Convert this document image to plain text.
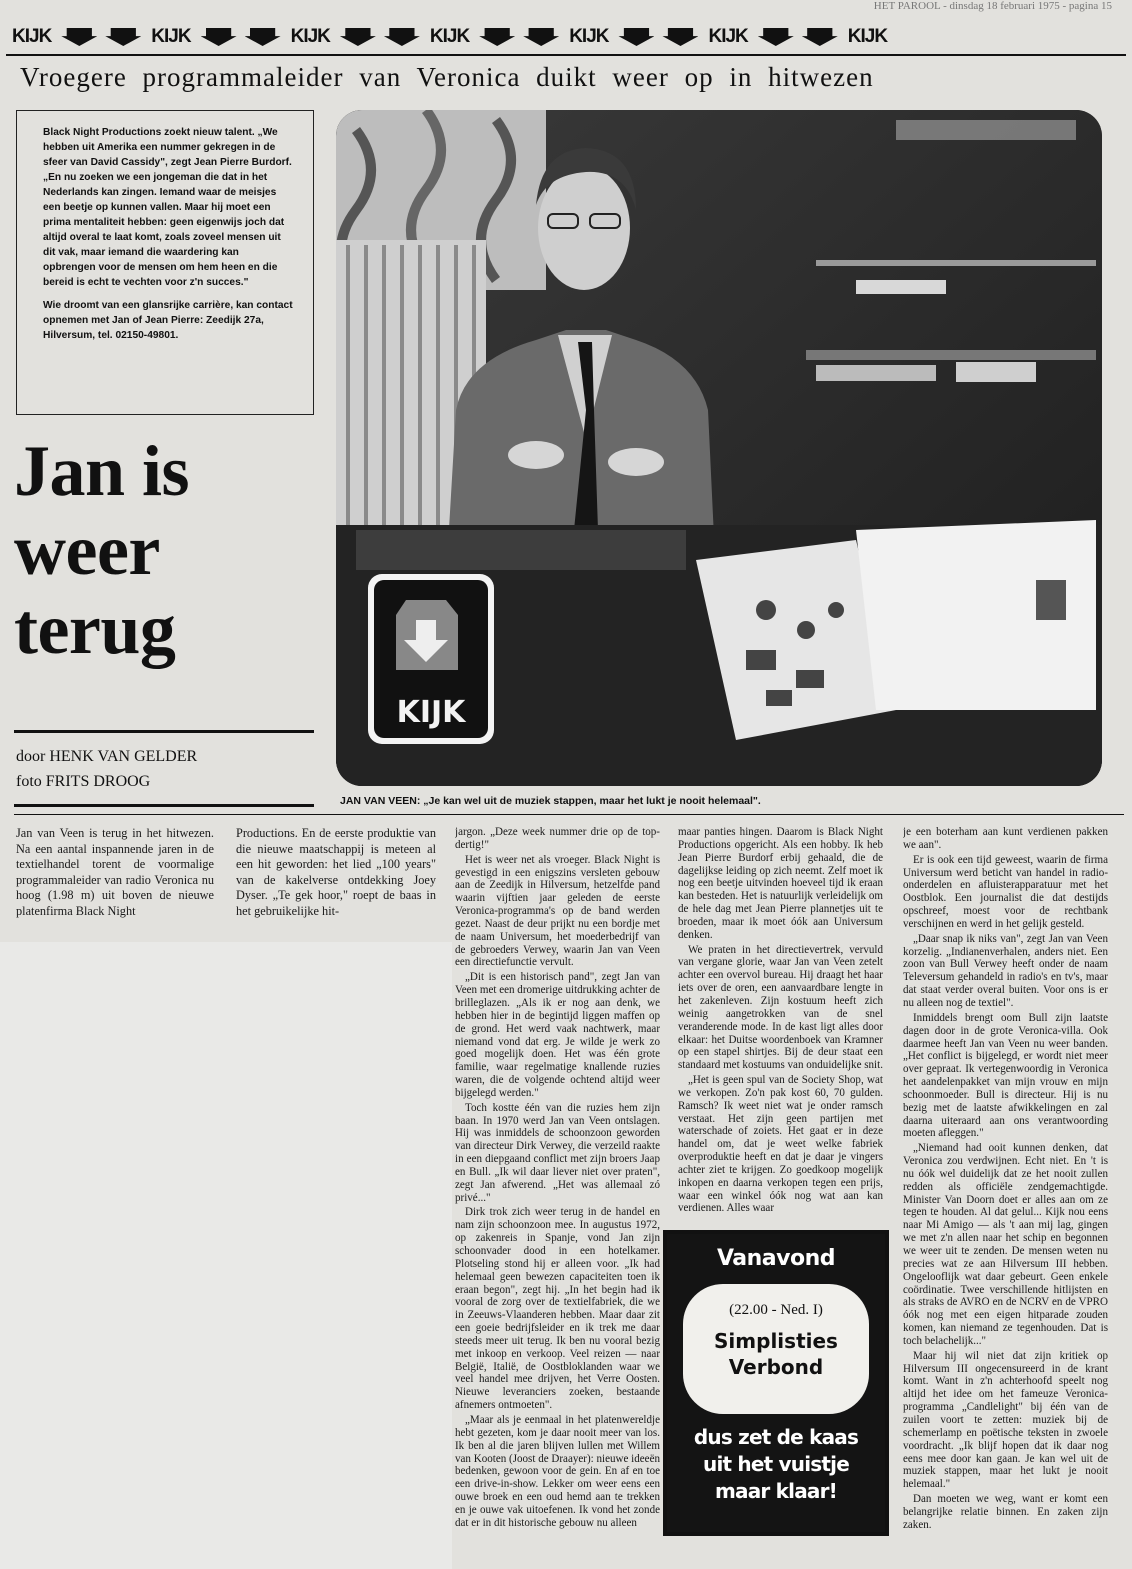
HET PAROOL - dinsdag 18 februari 1975 - pagina 15
KIJK	KIJK	KIJK	KIJK	KIJK	KIJK	KIJK
Vroegere programmaleider van Veronica duikt weer op in hitwezen

Black Night Productions zoekt nieuw talent. „We hebben uit Amerika een nummer gekregen in de sfeer van David Cassidy", zegt Jean Pierre Burdorf. „En nu zoeken we een jongeman die dat in het Nederlands kan zingen. Iemand waar de meisjes een beetje op kunnen vallen. Maar hij moet een prima mentaliteit hebben: geen eigenwijs joch dat altijd overal te laat komt, zoals zoveel mensen uit dit vak, maar iemand die waardering kan opbrengen voor de mensen om hem heen en die bereid is echt te vechten voor z'n succes."

Wie droomt van een glansrijke carrière, kan contact opnemen met Jan of Jean Pierre: Zeedijk 27a, Hilversum, tel. 02150-49801.

Jan is
weer
terug
door HENK VAN GELDER
foto FRITS DROOG
KIJK
JAN VAN VEEN: „Je kan wel uit de muziek stappen, maar het lukt je nooit helemaal".

Jan van Veen is terug in het hitwezen. Na een aantal inspannende jaren in de textielhandel torent de voormalige programmaleider van radio Veronica nu hoog (1.98 m) uit boven de nieuwe platenfirma Black Night

Productions. En de eerste produktie van die nieuwe maatschappij is meteen al een hit geworden: het lied „100 years" van de kakelverse ontdekking Joey Dyser. „Te gek hoor," roept de baas in het gebruikelijke hit-

jargon. „Deze week nummer drie op de top-dertig!"

Het is weer net als vroeger. Black Night is gevestigd in een enigszins versleten gebouw aan de Zeedijk in Hilversum, hetzelfde pand waarin vijftien jaar geleden de eerste Veronica-programma's op de band werden gezet. Naast de deur prijkt nu een bordje met de naam Universum, het moederbedrijf van de gebroeders Verwey, waarin Jan van Veen een directiefunctie vervult.

„Dit is een historisch pand", zegt Jan van Veen met een dromerige uitdrukking achter de brilleglazen. „Als ik er nog aan denk, we hebben hier in de begintijd liggen maffen op de grond. Het werd vaak nachtwerk, maar niemand vond dat erg. Je wilde je werk zo goed mogelijk doen. Het was één grote familie, waar regelmatige knallende ruzies waren, die de volgende ochtend altijd weer bijgelegd werden."

Toch kostte één van die ruzies hem zijn baan. In 1970 werd Jan van Veen ontslagen. Hij was inmiddels de schoonzoon geworden van directeur Dirk Verwey, die verzeild raakte in een diepgaand conflict met zijn broers Jaap en Bull. „Ik wil daar liever niet over praten", zegt Jan afwerend. „Het was allemaal zó privé..."

Dirk trok zich weer terug in de handel en nam zijn schoonzoon mee. In augustus 1972, op zakenreis in Spanje, vond Jan zijn schoonvader dood in een hotelkamer. Plotseling stond hij er alleen voor. „Ik had helemaal geen bewezen capaciteiten toen ik eraan begon", zegt hij. „In het begin had ik vooral de zorg over de textielfabriek, die we in Zeeuws-Vlaanderen hebben. Maar daar zit een goeie bedrijfsleider en ik trek me daar steeds meer uit terug. Ik ben nu vooral bezig met inkoop en verkoop. Veel reizen — naar België, Italië, de Oostbloklanden waar we veel handel mee drijven, het Verre Oosten. Nieuwe leveranciers zoeken, bestaande afnemers ontmoeten".

„Maar als je eenmaal in het platenwereldje hebt gezeten, kom je daar nooit meer van los. Ik ben al die jaren blijven lullen met Willem van Kooten (Joost de Draayer): nieuwe ideeën bedenken, gewoon voor de gein. En af en toe een drive-in-show. Lekker om weer eens een ouwe broek en een oud hemd aan te trekken en je ouwe vak uitoefenen. Ik vond het zonde dat er in dit historische gebouw nu alleen

maar panties hingen. Daarom is Black Night Productions opgericht. Als een hobby. Ik heb Jean Pierre Burdorf erbij gehaald, die de dagelijkse leiding op zich neemt. Zelf moet ik nog een beetje uitvinden hoeveel tijd ik eraan kan besteden. Het is natuurlijk verleidelijk om de hele dag met Jean Pierre plannetjes uit te broeden, maar ik moet óók aan Universum denken.

We praten in het directievertrek, vervuld van vergane glorie, waar Jan van Veen zetelt achter een overvol bureau. Hij draagt het haar iets over de oren, een aanvaardbare lengte in het zakenleven. Zijn kostuum heeft zich weinig aangetrokken van de snel veranderende mode. In de kast ligt alles door elkaar: het Duitse woordenboek van Kramner op een stapel shirtjes. Bij de deur staat een standaard met kostuums van onduidelijke snit.

„Het is geen spul van de Society Shop, wat we verkopen. Zo'n pak kost 60, 70 gulden. Ramsch? Ik weet niet wat je onder ramsch verstaat. Het zijn geen partijen met waterschade of zoiets. Het gaat er in deze handel om, dat je weet welke fabriek overproduktie heeft en dat je daar je vingers achter ziet te krijgen. Zo goedkoop mogelijk inkopen en daarna verkopen tegen een prijs, waar een winkel óók nog wat aan kan verdienen. Alles waar

je een boterham aan kunt verdienen pakken we aan".

Er is ook een tijd geweest, waarin de firma Universum werd beticht van handel in radio-onderdelen en afluisterapparatuur met het Oostblok. Een journalist die dat destijds opschreef, moest voor de rechtbank verschijnen en werd in het gelijk gesteld.

„Daar snap ik niks van", zegt Jan van Veen korzelig. „Indianenverhalen, anders niet. Een zoon van Bull Verwey heeft onder de naam Televersum gehandeld in radio's en tv's, maar dat staat verder overal buiten. Voor ons is er nu alleen nog de textiel".

Inmiddels brengt oom Bull zijn laatste dagen door in de grote Veronica-villa. Ook daarmee heeft Jan van Veen nu weer banden. „Het conflict is bijgelegd, er wordt niet meer over gepraat. Ik vertegenwoordig in Veronica het aandelenpakket van mijn vrouw en mijn schoonmoeder. Bull is directeur. Hij is nu bezig met de laatste afwikkelingen en zal daarna uiteraard aan ons verantwoording moeten afleggen."

„Niemand had ooit kunnen denken, dat Veronica zou verdwijnen. Echt niet. En 't is nu óók wel duidelijk dat ze het nooit zullen redden als officiële zendgemachtigde. Minister Van Doorn doet er alles aan om ze tegen te houden. Al dat gelul... Kijk nou eens naar Mi Amigo — als 't aan mij lag, gingen we met z'n allen naar het schip en begonnen we weer uit te zenden. De mensen weten nu precies wat ze aan Hilversum III hebben. Ongelooflijk wat daar gebeurt. Geen enkele coördinatie. Twee verschillende hitlijsten en als straks de AVRO en de NCRV en de VPRO óók nog met een eigen hitparade zouden komen, kan niemand ze tegenhouden. Dat is toch belachelijk..."

Maar hij wil niet dat zijn kritiek op Hilversum III ongecensureerd in de krant komt. Want in z'n achterhoofd speelt nog altijd het idee om het fameuze Veronica-programma „Candlelight" bij één van de zuilen voort te zetten: muziek bij de schemerlamp en poëtische teksten in zwoele voordracht. „Ik blijf hopen dat ik daar nog eens mee door kan gaan. Je kan wel uit de muziek stappen, maar het lukt je nooit helemaal."

Dan moeten we weg, want er komt een belangrijke relatie binnen. En zaken zijn zaken.

Vanavond
(22.00 - Ned. I)
Simplisties
Verbond
dus zet de kaas
uit het vuistje
maar klaar!
